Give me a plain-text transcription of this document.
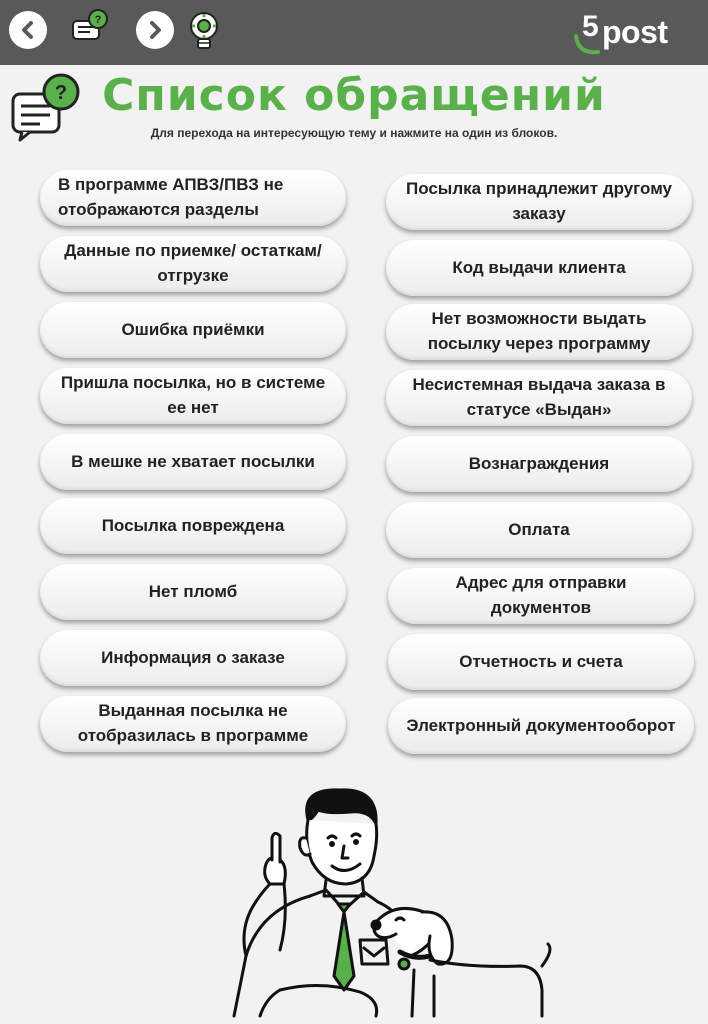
?	5 post
? Список обращений
Для перехода на интересующую тему и нажмите на один из блоков.
В программе АПВЗ/ПВЗ не отображаются разделы
Данные по приемке/ остаткам/ отгрузке
Ошибка приёмки
Пришла посылка, но в системе ее нет
В мешке не хватает посылки
Посылка повреждена
Нет пломб
Информация о заказе
Выданная посылка не отобразилась в программе
Посылка принадлежит другому заказу
Код выдачи клиента
Нет возможности выдать посылку через программу
Несистемная выдача заказа в статусе «Выдан»
Вознаграждения
Оплата
Адрес для отправки документов
Отчетность и счета
Электронный документооборот
